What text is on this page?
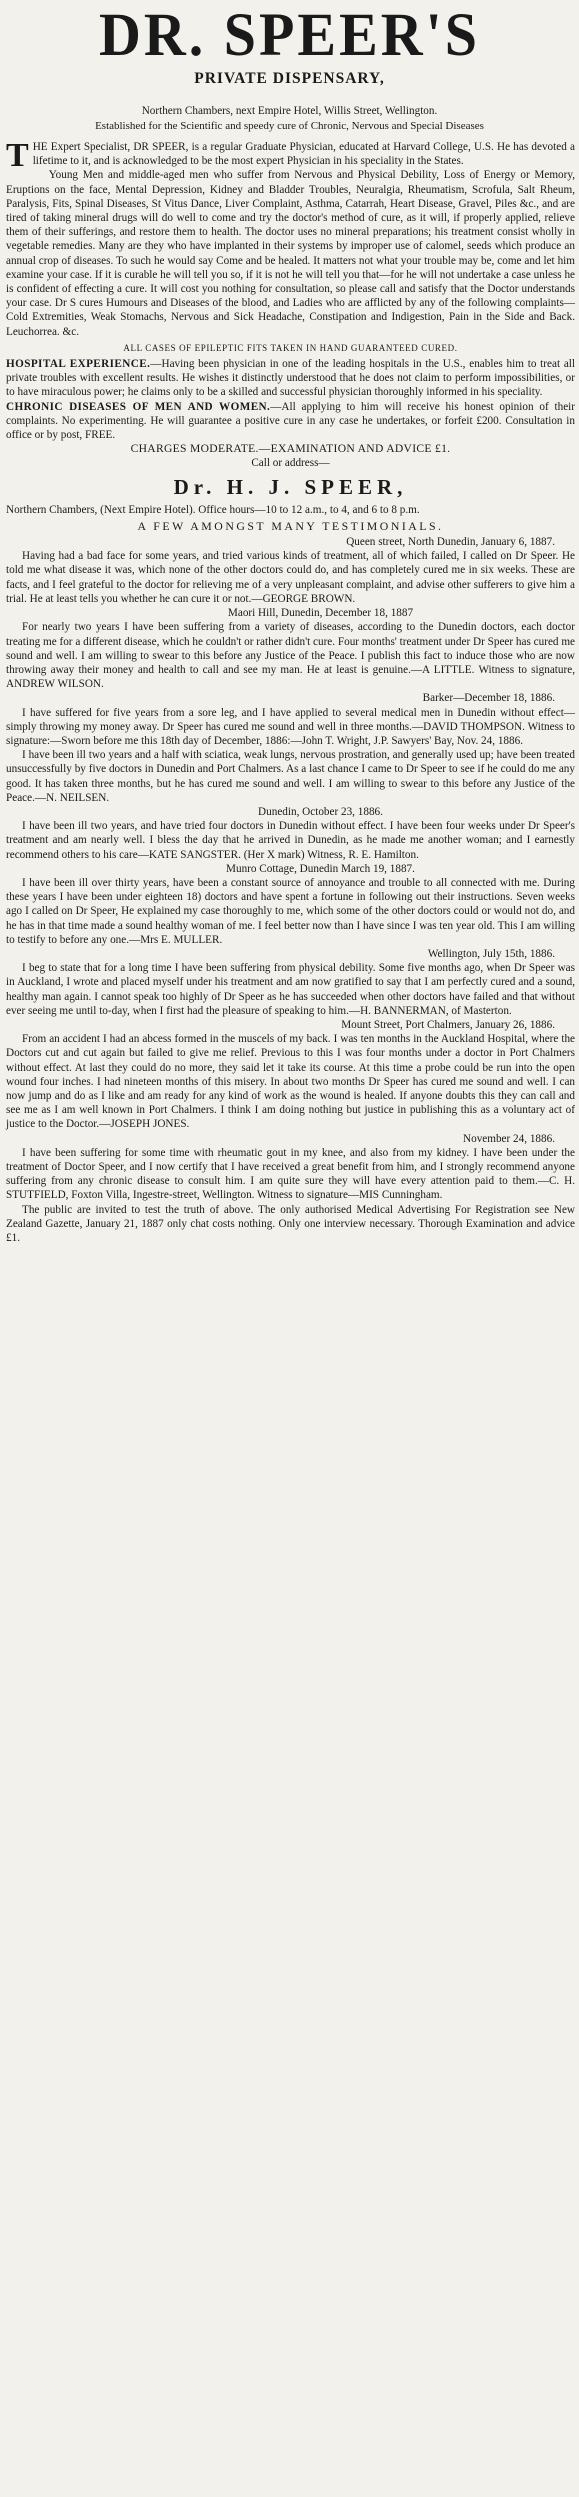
DR. SPEER'S
PRIVATE DISPENSARY,
Northern Chambers, next Empire Hotel, Willis Street, Wellington.
Established for the Scientific and speedy cure of Chronic, Nervous and Special Diseases

THE Expert Specialist, DR SPEER, is a regular Graduate Physician, educated at Harvard College, U.S. He has devoted a lifetime to it, and is acknowledged to be the most expert Physician in his speciality in the States.

Young Men and middle-aged men who suffer from Nervous and Physical Debility, Loss of Energy or Memory, Eruptions on the face, Mental Depression, Kidney and Bladder Troubles, Neuralgia, Rheumatism, Scrofula, Salt Rheum, Paralysis, Fits, Spinal Diseases, St Vitus Dance, Liver Complaint, Asthma, Catarrah, Heart Disease, Gravel, Piles &c., and are tired of taking mineral drugs will do well to come and try the doctor's method of cure, as it will, if properly applied, relieve them of their sufferings, and restore them to health. The doctor uses no mineral preparations; his treatment consist wholly in vegetable remedies. Many are they who have implanted in their systems by improper use of calomel, seeds which produce an annual crop of diseases. To such he would say Come and be healed. It matters not what your trouble may be, come and let him examine your case. If it is curable he will tell you so, if it is not he will tell you that—for he will not undertake a case unless he is confident of effecting a cure. It will cost you nothing for consultation, so please call and satisfy that the Doctor understands your case. Dr S cures Humours and Diseases of the blood, and Ladies who are afflicted by any of the following complaints—Cold Extremities, Weak Stomachs, Nervous and Sick Headache, Constipation and Indigestion, Pain in the Side and Back. Leuchorrea. &c.

ALL CASES OF EPILEPTIC FITS TAKEN IN HAND GUARANTEED CURED.

HOSPITAL EXPERIENCE.—Having been physician in one of the leading hospitals in the U.S., enables him to treat all private troubles with excellent results. He wishes it distinctly understood that he does not claim to perform impossibilities, or to have miraculous power; he claims only to be a skilled and successful physician thoroughly informed in his speciality.

CHRONIC DISEASES OF MEN AND WOMEN.—All applying to him will receive his honest opinion of their complaints. No experimenting. He will guarantee a positive cure in any case he undertakes, or forfeit £200. Consultation in office or by post, FREE.

CHARGES MODERATE.—EXAMINATION AND ADVICE £1.

Call or address—

Dr. H. J. SPEER,

Northern Chambers, (Next Empire Hotel). Office hours—10 to 12 a.m., to 4, and 6 to 8 p.m.

A FEW AMONGST MANY TESTIMONIALS.

Queen street, North Dunedin, January 6, 1887.

Having had a bad face for some years, and tried various kinds of treatment, all of which failed, I called on Dr Speer. He told me what disease it was, which none of the other doctors could do, and has completely cured me in six weeks. These are facts, and I feel grateful to the doctor for relieving me of a very unpleasant complaint, and advise other sufferers to give him a trial. He at least tells you whether he can cure it or not.—GEORGE BROWN.

Maori Hill, Dunedin, December 18, 1887

For nearly two years I have been suffering from a variety of diseases, according to the Dunedin doctors, each doctor treating me for a different disease, which he couldn't or rather didn't cure. Four months' treatment under Dr Speer has cured me sound and well. I am willing to swear to this before any Justice of the Peace. I publish this fact to induce those who are now throwing away their money and health to call and see my man. He at least is genuine.—A LITTLE. Witness to signature, ANDREW WILSON.

Barker—December 18, 1886.

I have suffered for five years from a sore leg, and I have applied to several medical men in Dunedin without effect—simply throwing my money away. Dr Speer has cured me sound and well in three months.—DAVID THOMPSON. Witness to signature:—Sworn before me this 18th day of December, 1886:—John T. Wright, J.P. Sawyers' Bay, Nov. 24, 1886.

I have been ill two years and a half with sciatica, weak lungs, nervous prostration, and generally used up; have been treated unsuccessfully by five doctors in Dunedin and Port Chalmers. As a last chance I came to Dr Speer to see if he could do me any good. It has taken three months, but he has cured me sound and well. I am willing to swear to this before any Justice of the Peace.—N. NEILSEN.

Dunedin, October 23, 1886.

I have been ill two years, and have tried four doctors in Dunedin without effect. I have been four weeks under Dr Speer's treatment and am nearly well. I bless the day that he arrived in Dunedin, as he made me another woman; and I earnestly recommend others to his care—KATE SANGSTER. (Her X mark) Witness, R. E. Hamilton.

Munro Cottage, Dunedin March 19, 1887.

I have been ill over thirty years, have been a constant source of annoyance and trouble to all connected with me. During these years I have been under eighteen 18) doctors and have spent a fortune in following out their instructions. Seven weeks ago I called on Dr Speer, He explained my case thoroughly to me, which some of the other doctors could or would not do, and he has in that time made a sound healthy woman of me. I feel better now than I have since I was ten year old. This I am willing to testify to before any one.—Mrs E. MULLER.

Wellington, July 15th, 1886.

I beg to state that for a long time I have been suffering from physical debility. Some five months ago, when Dr Speer was in Auckland, I wrote and placed myself under his treatment and am now gratified to say that I am perfectly cured and a sound, healthy man again. I cannot speak too highly of Dr Speer as he has succeeded when other doctors have failed and that without ever seeing me until to-day, when I first had the pleasure of speaking to him.—H. BANNERMAN, of Masterton.

Mount Street, Port Chalmers, January 26, 1886.

From an accident I had an abcess formed in the muscels of my back. I was ten months in the Auckland Hospital, where the Doctors cut and cut again but failed to give me relief. Previous to this I was four months under a doctor in Port Chalmers without effect. At last they could do no more, they said let it take its course. At this time a probe could be run into the open wound four inches. I had nineteen months of this misery. In about two months Dr Speer has cured me sound and well. I can now jump and do as I like and am ready for any kind of work as the wound is healed. If anyone doubts this they can call and see me as I am well known in Port Chalmers. I think I am doing nothing but justice in publishing this as a voluntary act of justice to the Doctor.—JOSEPH JONES.

November 24, 1886.

I have been suffering for some time with rheumatic gout in my knee, and also from my kidney. I have been under the treatment of Doctor Speer, and I now certify that I have received a great benefit from him, and I strongly recommend anyone suffering from any chronic disease to consult him. I am quite sure they will have every attention paid to them.—C. H. STUTFIELD, Foxton Villa, Ingestre-street, Wellington. Witness to signature—MIS Cunningham.

The public are invited to test the truth of above. The only authorised Medical Advertising For Registration see New Zealand Gazette, January 21, 1887 only chat costs nothing. Only one interview necessary. Thorough Examination and advice £1.
